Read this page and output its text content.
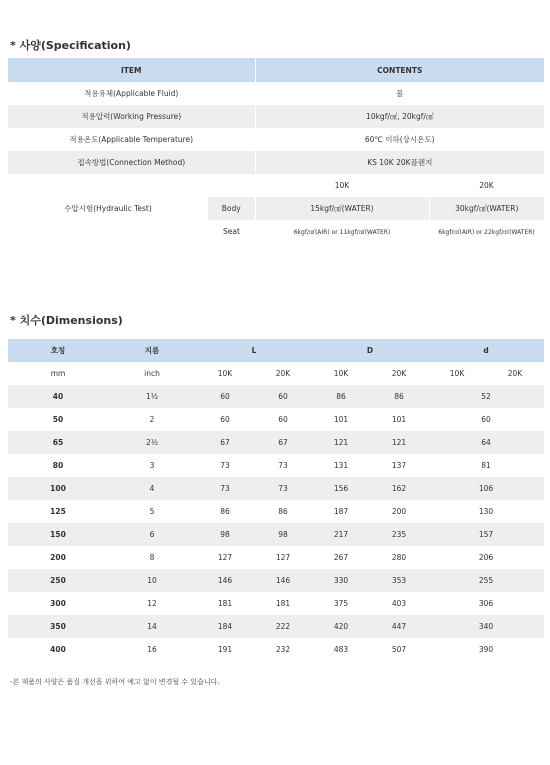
* 사양(Specification)
ITEM		CONTENTS	
적용유체(Applicable Fluid)		물	
적용압력(Working Pressure)		10kgf/㎠, 20kgf/㎠	
적용온도(Applicable Temperature)		60℃ 이하(상시온도)	
접속방법(Connection Method)		KS 10K 20K플렌지	
수압시험(Hydraulic Test)		10K	20K
	Body	15kgf/㎠(WATER)	30kgf/㎠(WATER)
	Seat	6kgf/㎠(AIR) or 11kgf/㎠(WATER)	6kgf/㎠(AIR) or 22kgf/㎠(WATER)
* 치수(Dimensions)
호칭	지름	L		D		d	
mm	inch	10K	20K	10K	20K	10K	20K
40	1½	60	60	86	86	52	
50	2	60	60	101	101	60	
65	2½	67	67	121	121	64	
80	3	73	73	131	137	81	
100	4	73	73	156	162	106	
125	5	86	86	187	200	130	
150	6	98	98	217	235	157	
200	8	127	127	267	280	206	
250	10	146	146	330	353	255	
300	12	181	181	375	403	306	
350	14	184	222	420	447	340	
400	16	191	232	483	507	390	
-본 제품의 사양은 품질 개선을 위하여 예고 없이 변경될 수 있습니다.
